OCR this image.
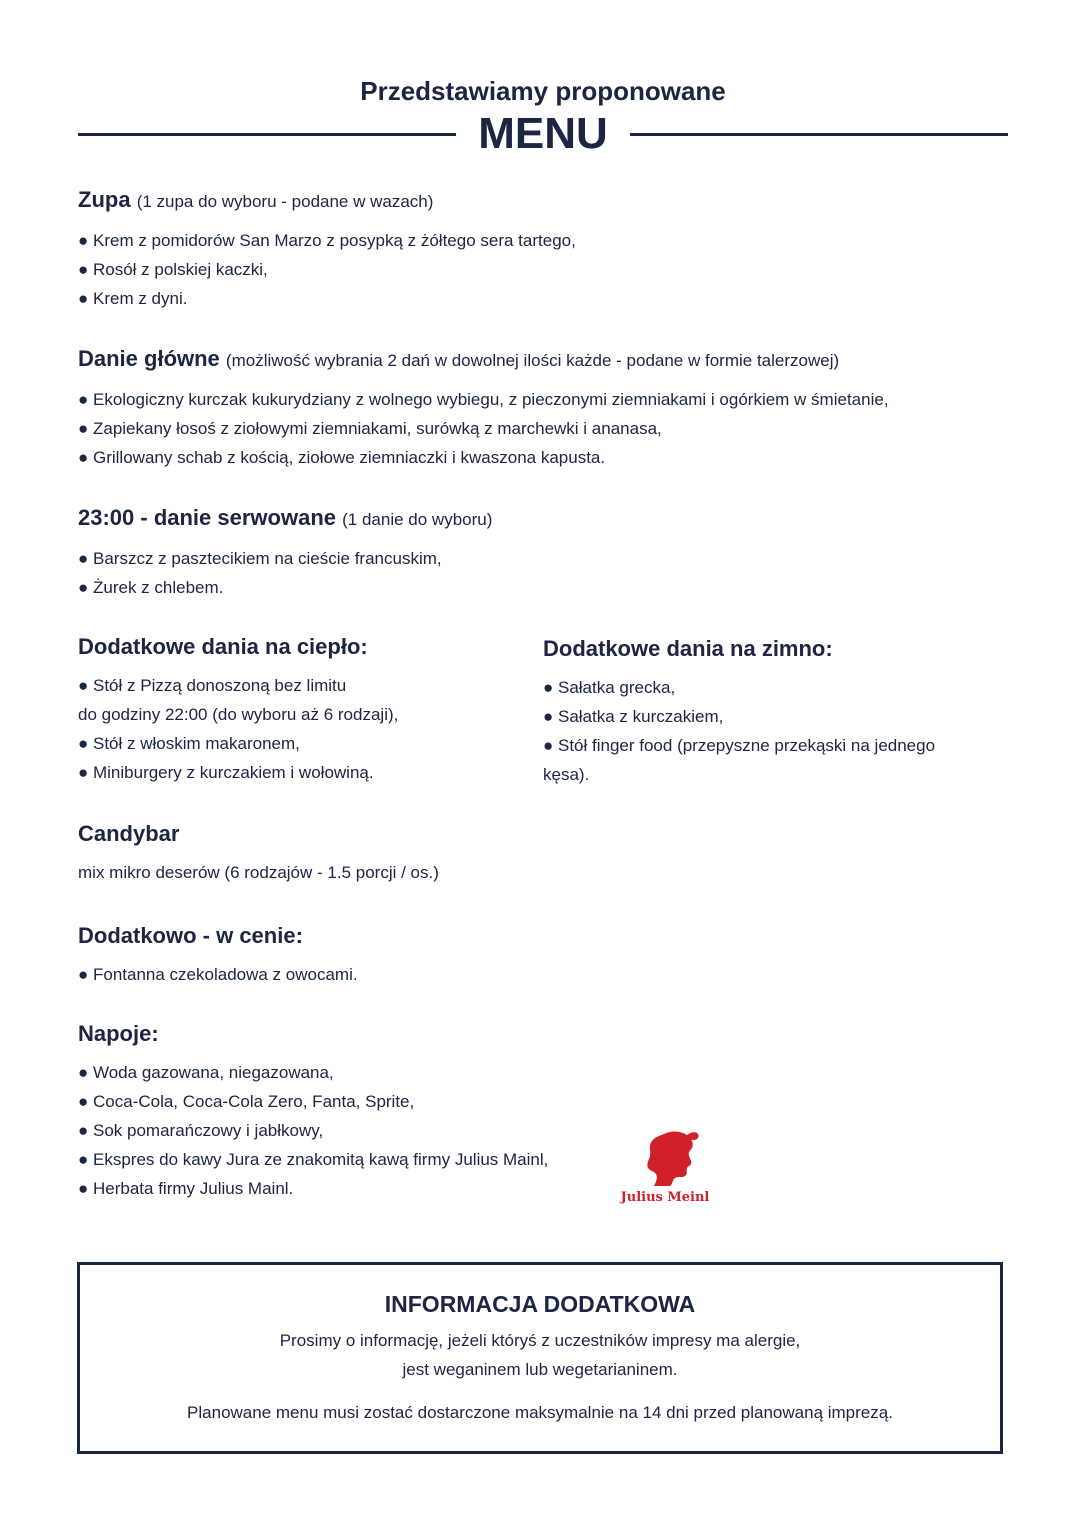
Przedstawiamy proponowane
MENU
Zupa (1 zupa do wyboru - podane w wazach)
● Krem z pomidorów San Marzo z posypką z żółtego sera tartego,
● Rosół z polskiej kaczki,
● Krem z dyni.
Danie główne (możliwość wybrania 2 dań w dowolnej ilości każde - podane w formie talerzowej)
● Ekologiczny kurczak kukurydziany z wolnego wybiegu, z pieczonymi ziemniakami i ogórkiem w śmietanie,
● Zapiekany łosoś z ziołowymi ziemniakami, surówką z marchewki i ananasa,
● Grillowany schab z kością, ziołowe ziemniaczki i kwaszona kapusta.
23:00 - danie serwowane (1 danie do wyboru)
● Barszcz z pasztecikiem na cieście francuskim,
● Żurek z chlebem.
Dodatkowe dania na ciepło:
● Stół z Pizzą donoszoną bez limitu
do godziny 22:00 (do wyboru aż 6 rodzaji),
● Stół z włoskim makaronem,
● Miniburgery z kurczakiem i wołowiną.
Dodatkowe dania na zimno:
● Sałatka grecka,
● Sałatka z kurczakiem,
● Stół finger food (przepyszne przekąski na jednego
kęsa).
Candybar
mix mikro deserów (6 rodzajów - 1.5 porcji / os.)
Dodatkowo - w cenie:
● Fontanna czekoladowa z owocami.
Napoje:
● Woda gazowana, niegazowana,
● Coca-Cola, Coca-Cola Zero, Fanta, Sprite,
● Sok pomarańczowy i jabłkowy,
● Ekspres do kawy Jura ze znakomitą kawą firmy Julius Mainl,
● Herbata firmy Julius Mainl.	Julius Meinl
INFORMACJA DODATKOWA
Prosimy o informację, jeżeli któryś z uczestników impresy ma alergie,
jest weganinem lub wegetarianinem.
Planowane menu musi zostać dostarczone maksymalnie na 14 dni przed planowaną imprezą.
